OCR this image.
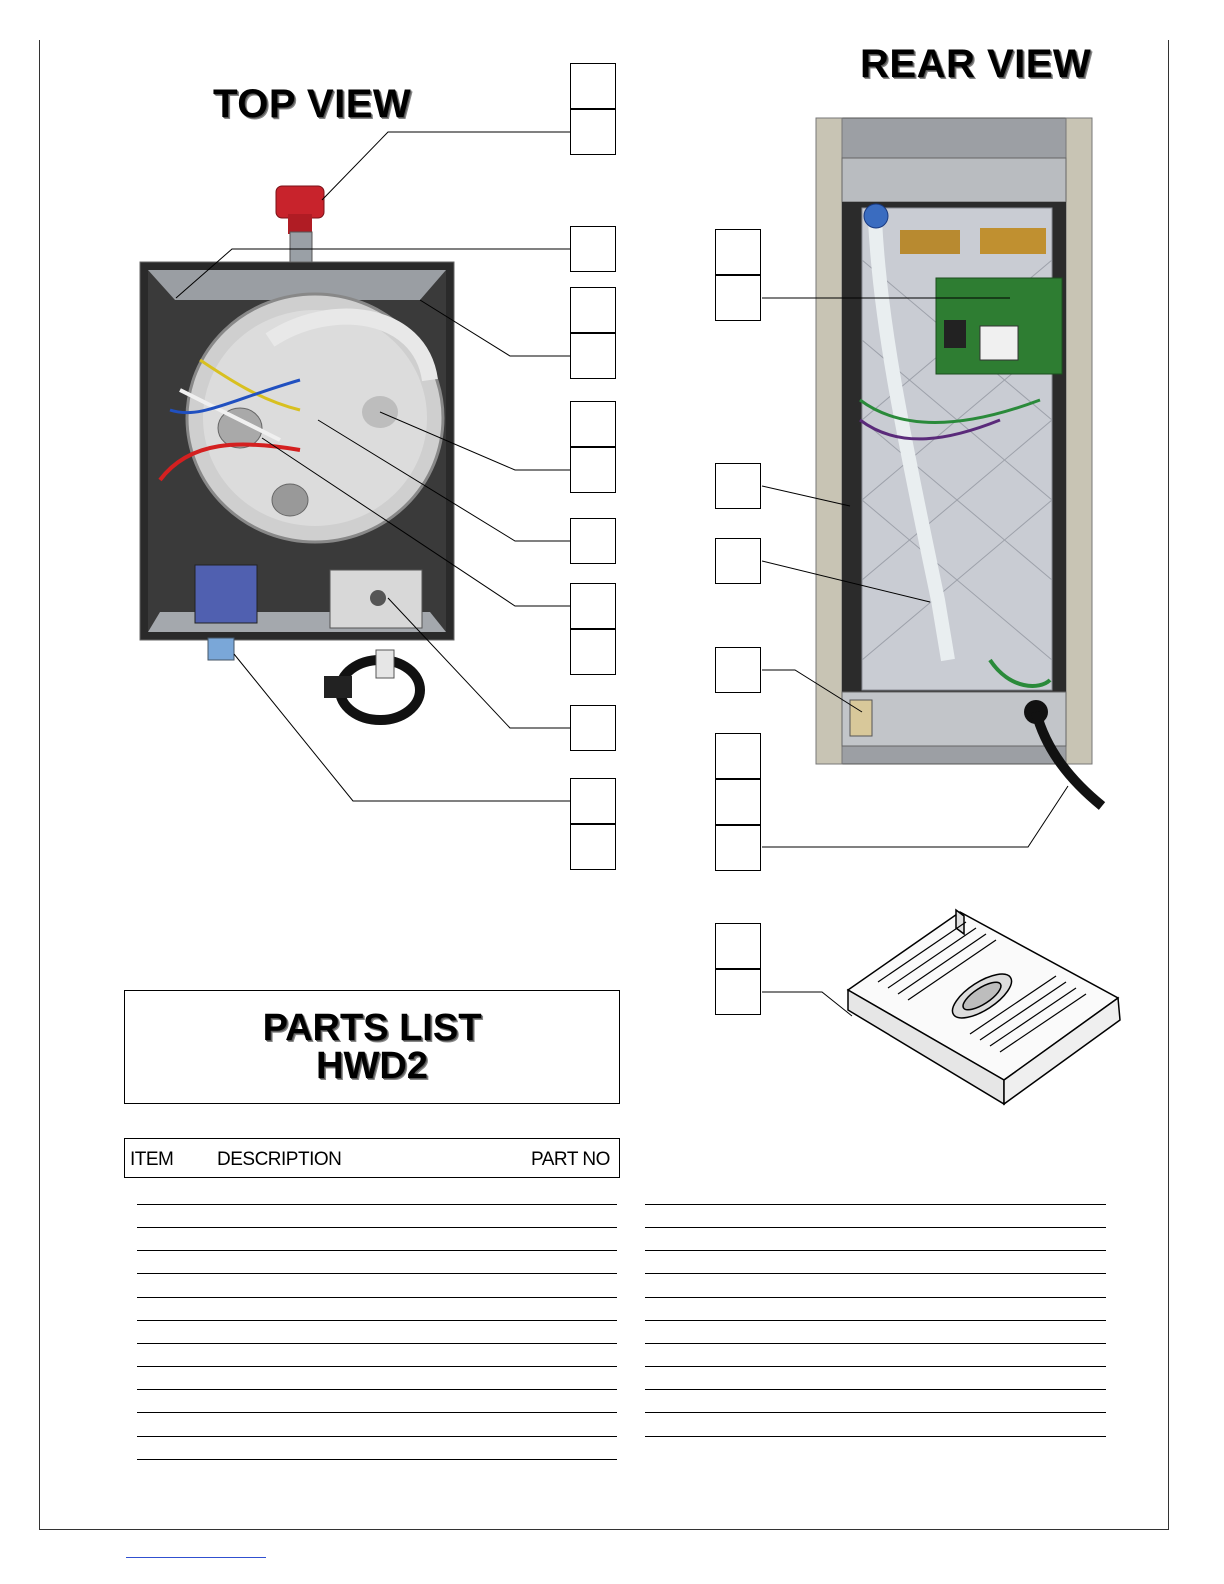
TOP VIEW
REAR VIEW
PARTS LIST
HWD2
ITEM DESCRIPTION	PART NO
